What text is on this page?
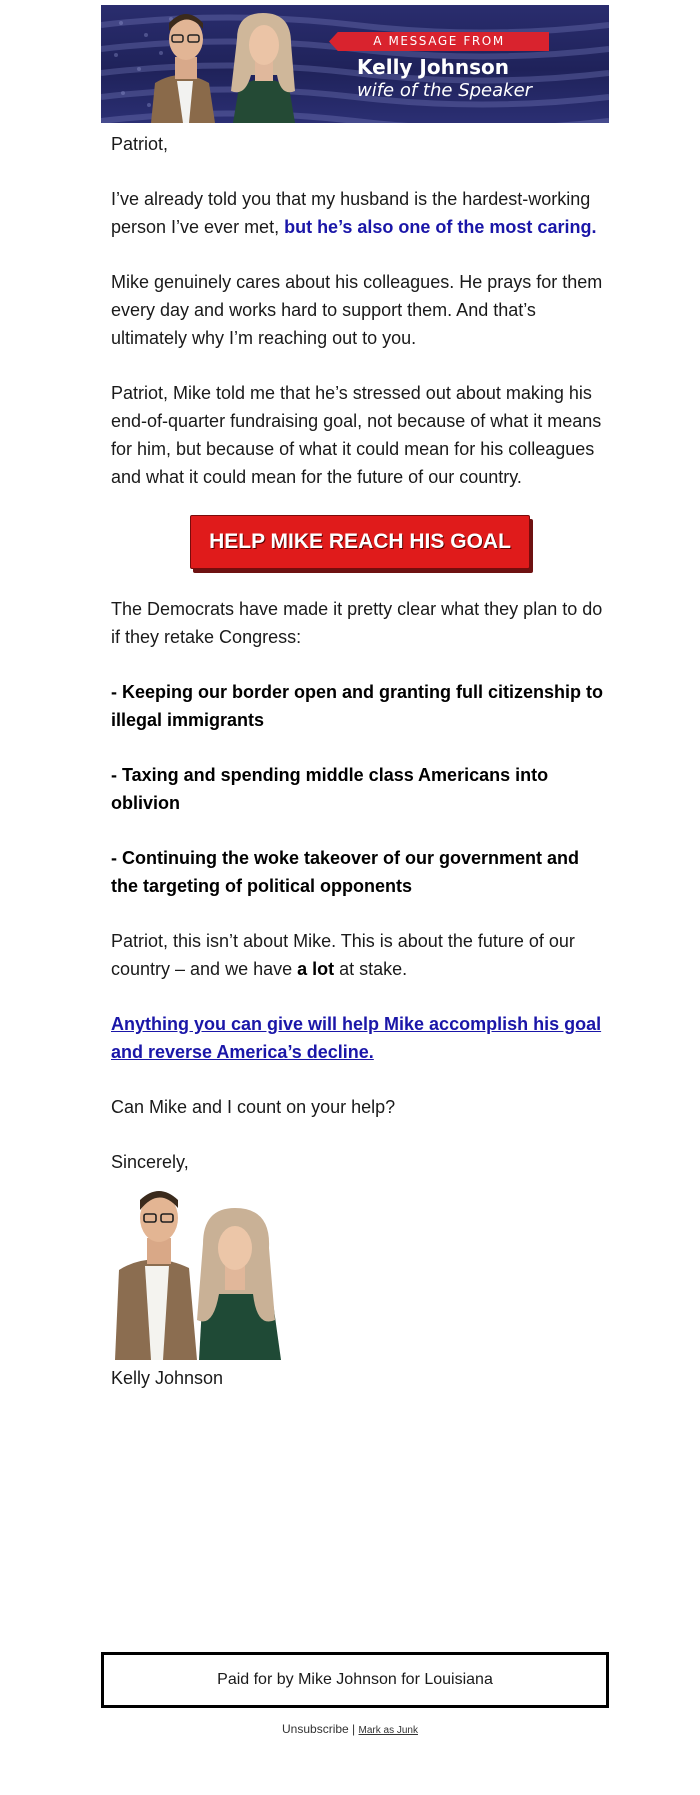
A MESSAGE FROM
Kelly Johnson
wife of the Speaker

Patriot,

I’ve already told you that my husband is the hardest-working person I’ve ever met, but he’s also one of the most caring.

Mike genuinely cares about his colleagues. He prays for them every day and works hard to support them. And that’s ultimately why I’m reaching out to you.

Patriot, Mike told me that he’s stressed out about making his end-of-quarter fundraising goal, not because of what it means for him, but because of what it could mean for his colleagues and what it could mean for the future of our country.

HELP MIKE REACH HIS GOAL

The Democrats have made it pretty clear what they plan to do if they retake Congress:

- Keeping our border open and granting full citizenship to illegal immigrants

- Taxing and spending middle class Americans into oblivion

- Continuing the woke takeover of our government and the targeting of political opponents

Patriot, this isn’t about Mike. This is about the future of our country – and we have a lot at stake.

Anything you can give will help Mike accomplish his goal and reverse America’s decline.

Can Mike and I count on your help?

Sincerely,

Kelly Johnson

Paid for by Mike Johnson for Louisiana
Unsubscribe | Mark as Junk
